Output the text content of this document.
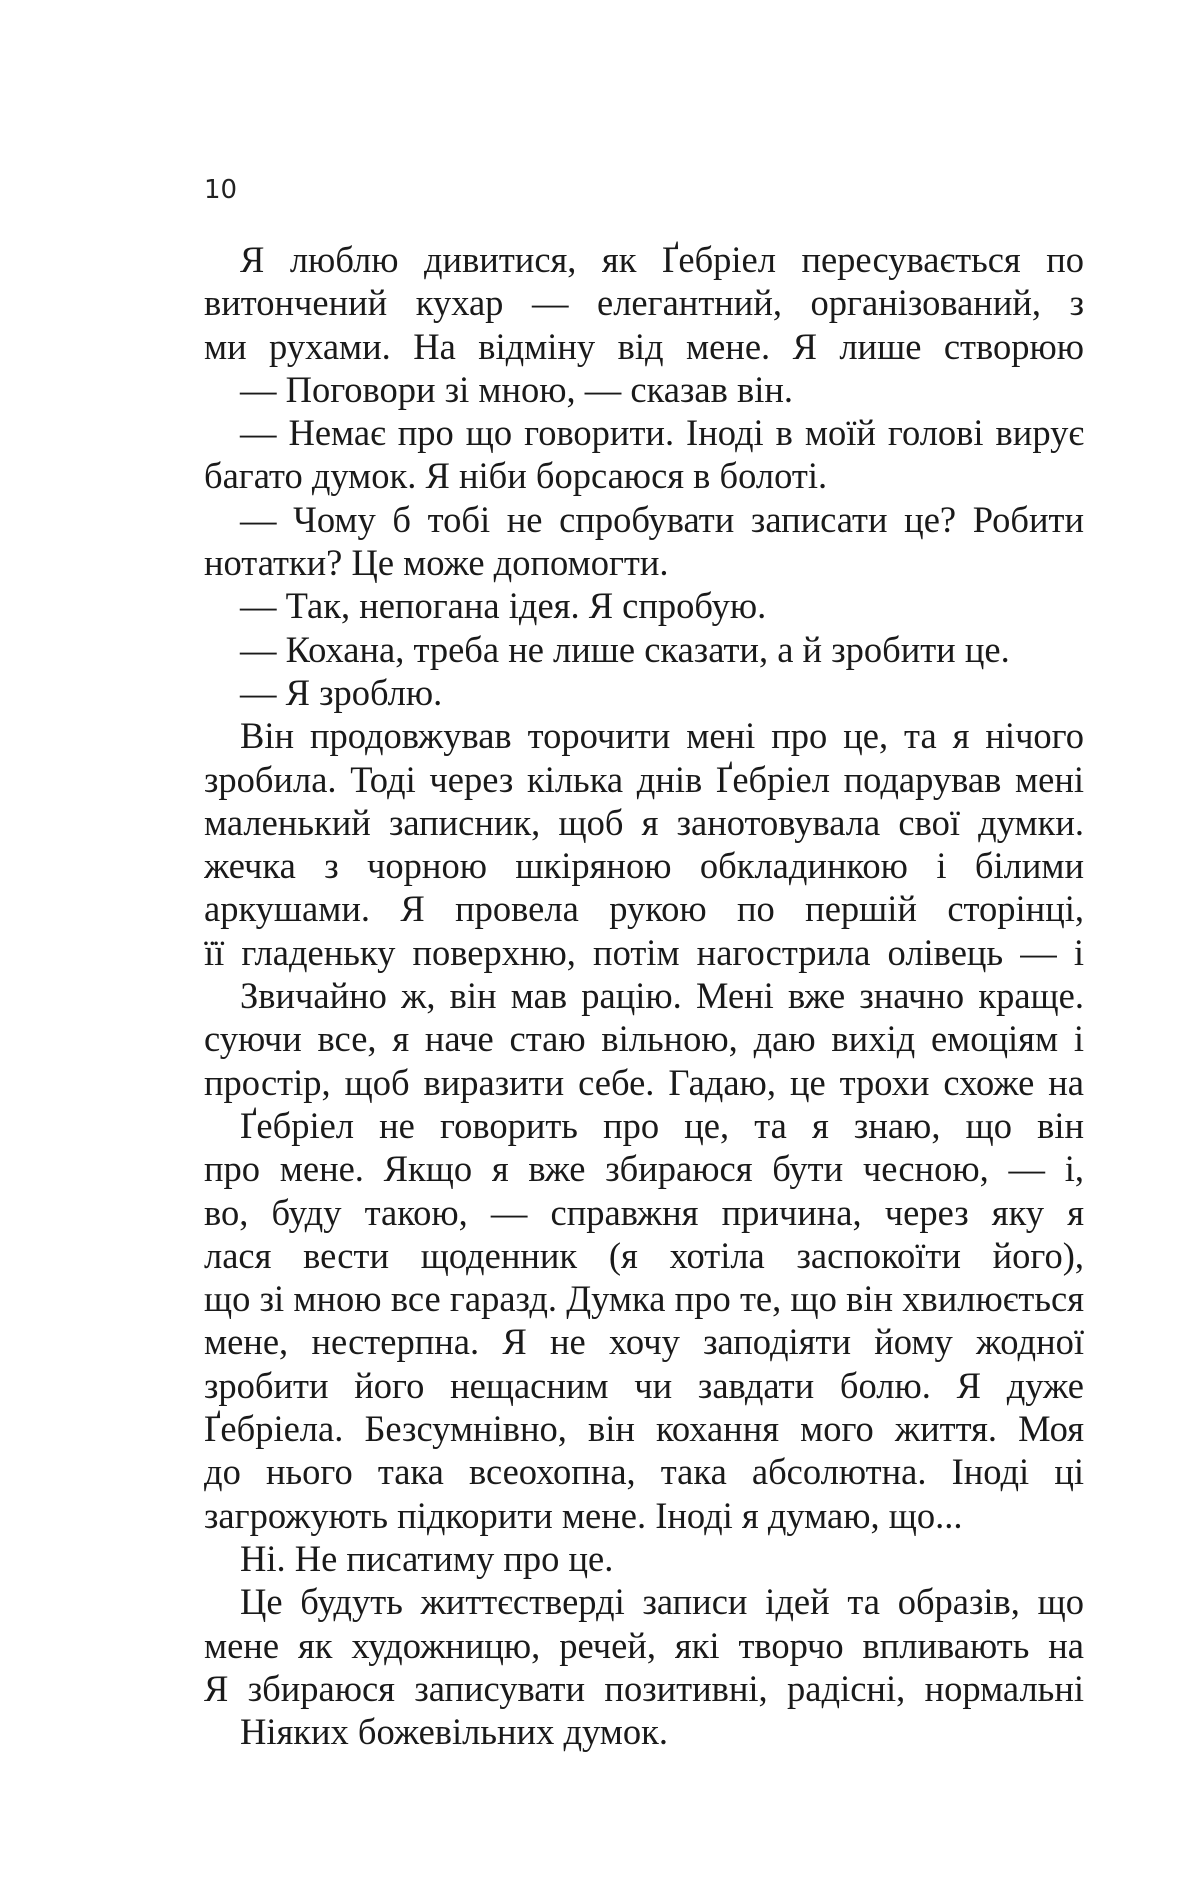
10
Я люблю дивитися, як Ґебріел пересувається по
витончений кухар — елегантний, організований, з
ми рухами. На відміну від мене. Я лише створюю
— Поговори зі мною, — сказав він.
— Немає про що говорити. Іноді в моїй голові вирує
багато думок. Я ніби борсаюся в болоті.
— Чому б тобі не спробувати записати це? Робити
нотатки? Це може допомогти.
— Так, непогана ідея. Я спробую.
— Кохана, треба не лише сказати, а й зробити це.
— Я зроблю.
Він продовжував торочити мені про це, та я нічого
зробила. Тоді через кілька днів Ґебріел подарував мені
маленький записник, щоб я занотовувала свої думки.
жечка з чорною шкіряною обкладинкою і білими
аркушами. Я провела рукою по першій сторінці,
її гладеньку поверхню, потім нагострила олівець — і
Звичайно ж, він мав рацію. Мені вже значно краще.
суючи все, я наче стаю вільною, даю вихід емоціям і
простір, щоб виразити себе. Гадаю, це трохи схоже на
Ґебріел не говорить про це, та я знаю, що він
про мене. Якщо я вже збираюся бути чесною, — і,
во, буду такою, — справжня причина, через яку я
лася вести щоденник (я хотіла заспокоїти його),
що зі мною все гаразд. Думка про те, що він хвилюється
мене, нестерпна. Я не хочу заподіяти йому жодної
зробити його нещасним чи завдати болю. Я дуже
Ґебріела. Безсумнівно, він кохання мого життя. Моя
до нього така всеохопна, така абсолютна. Іноді ці
загрожують підкорити мене. Іноді я думаю, що...
Ні. Не писатиму про це.
Це будуть життєстверді записи ідей та образів, що
мене як художницю, речей, які творчо впливають на
Я збираюся записувати позитивні, радісні, нормальні
Ніяких божевільних думок.
